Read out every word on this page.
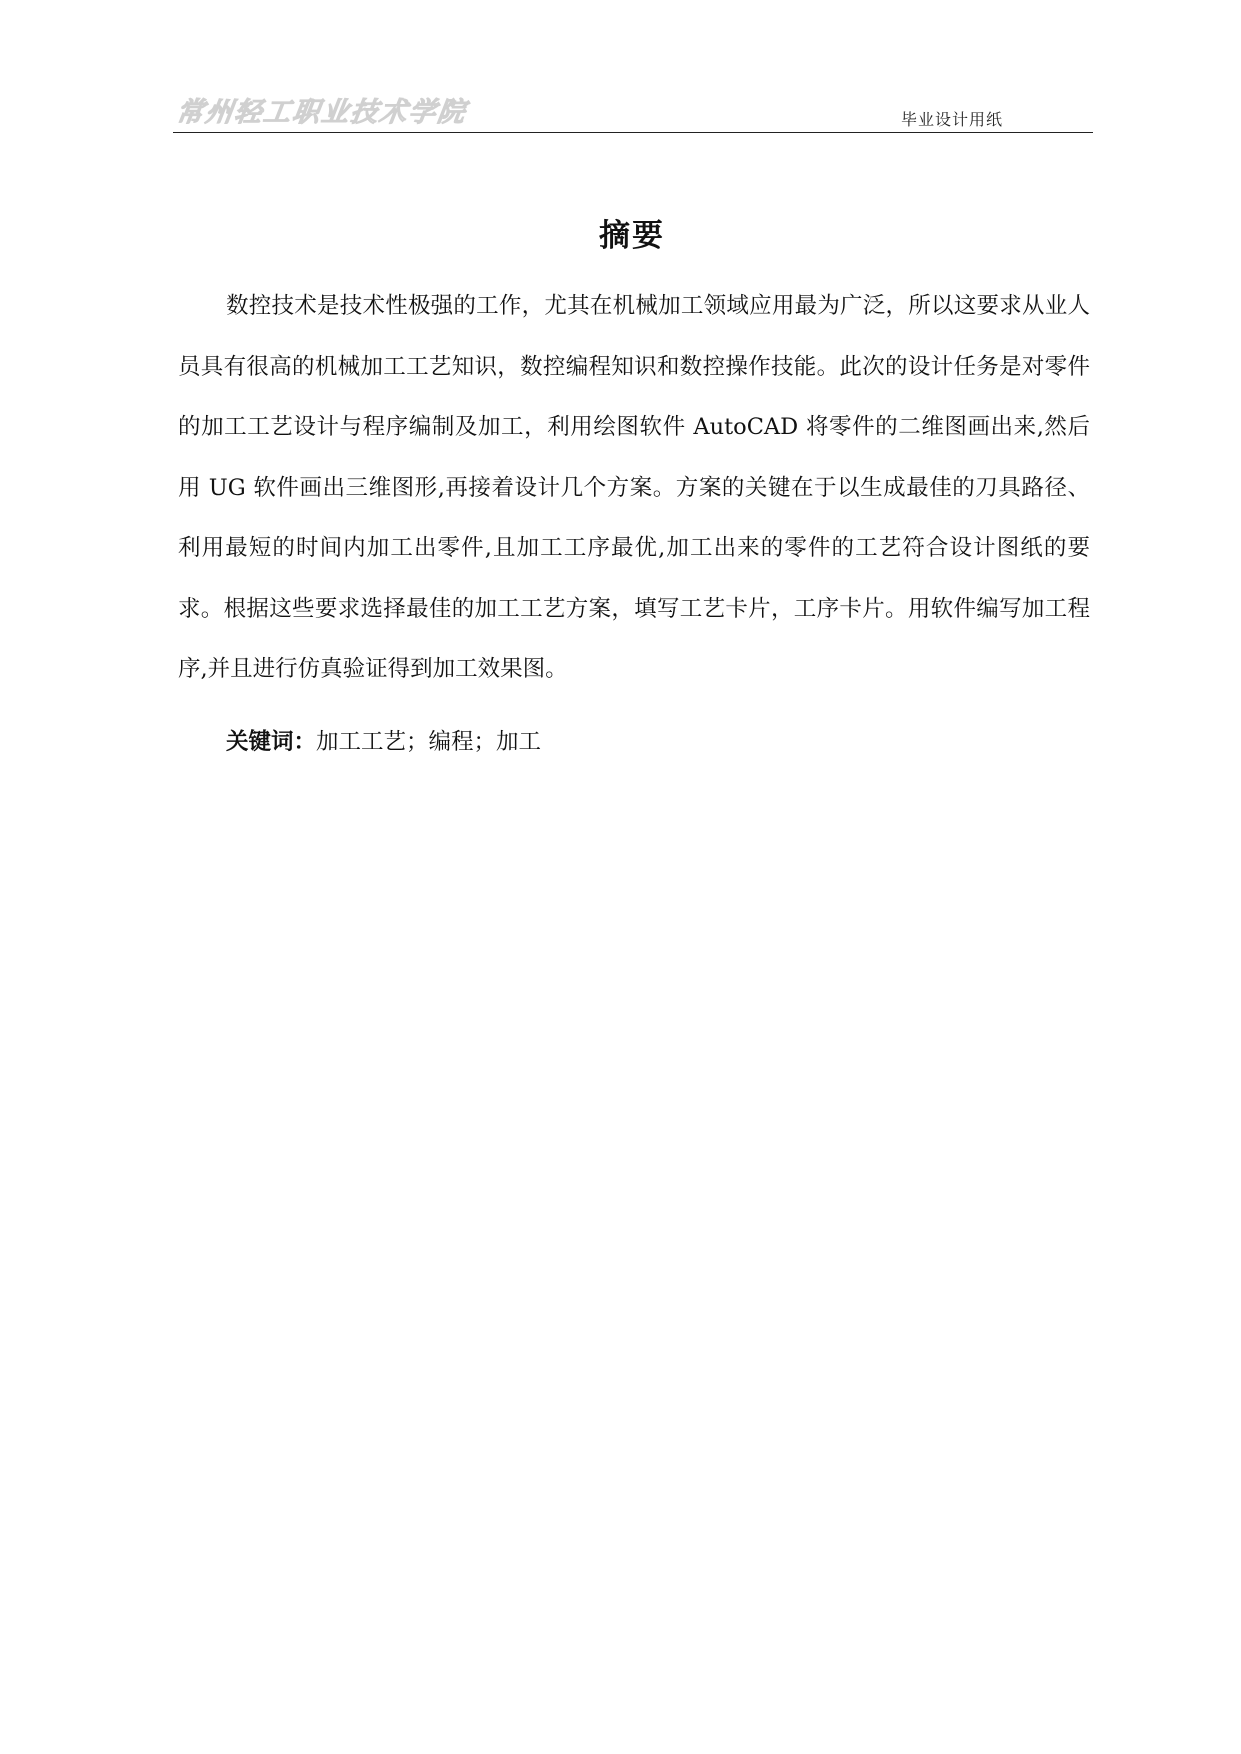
常州轻工职业技术学院	毕业设计用纸
摘要

数控技术是技术性极强的工作，尤其在机械加工领域应用最为广泛，所以这要求从业人员具有很高的机械加工工艺知识，数控编程知识和数控操作技能。此次的设计任务是对零件的加工工艺设计与程序编制及加工，利用绘图软件 AutoCAD 将零件的二维图画出来,然后用 UG 软件画出三维图形,再接着设计几个方案。方案的关键在于以生成最佳的刀具路径、利用最短的时间内加工出零件,且加工工序最优,加工出来的零件的工艺符合设计图纸的要求。根据这些要求选择最佳的加工工艺方案，填写工艺卡片，工序卡片。用软件编写加工程序,并且进行仿真验证得到加工效果图。

关键词：加工工艺；编程；加工
